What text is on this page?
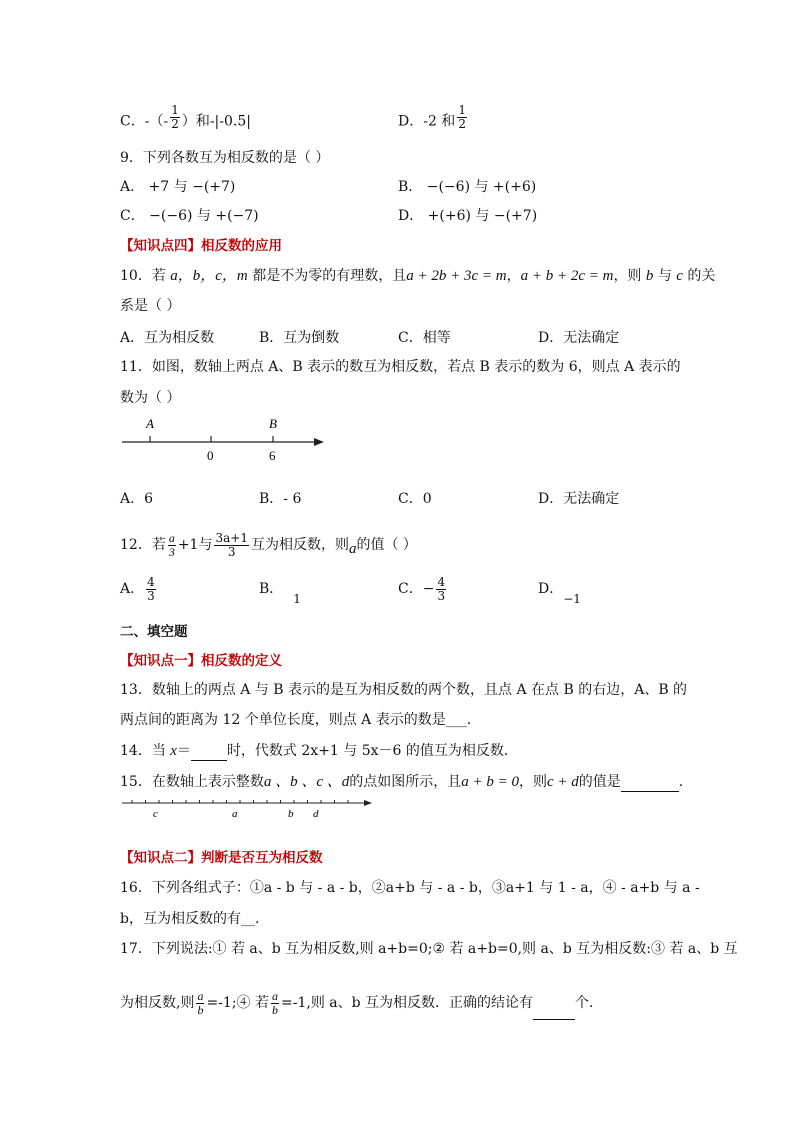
C．-（- $\frac{1}{2}$ ）和-|-0.5|	D．-2 和 $\frac{1}{2}$
9．下列各数互为相反数的是（ ）
A． +7 与 −(+7)	B． −(−6) 与 +(+6)
C． −(−6) 与 +(−7)	D． +(+6) 与 −(+7)
【知识点四】相反数的应用
10．若 a，b，c，m 都是不为零的有理数，且a + 2b + 3c = m，a + b + 2c = m，则 b 与 c 的关
系是（ ）
A．互为相反数	B．互为倒数	C．相等	D．无法确定
11．如图，数轴上两点 A、B 表示的数互为相反数，若点 B 表示的数为 6，则点 A 表示的
数为（ ）
A	B
0	6
A．6	B．- 6	C．0	D．无法确定
12．若 $\frac{a}{3} +1$与 $\frac{3a+1}{3}$ 互为相反数，则a的值（ ）
A． $\frac{4}{3}$	B．1
C．− $\frac{4}{3}$	D．−1
二、填空题
【知识点一】相反数的定义
13．数轴上的两点 A 与 B 表示的是互为相反数的两个数，且点 A 在点 B 的右边，A、B 的
两点间的距离为 12 个单位长度，则点 A 表示的数是___.
14．当 x＝	时，代数式 2x+1 与 5x－6 的值互为相反数．
15．在数轴上表示整数a 、b 、c 、d的点如图所示，且a + b = 0，则c + d的值是	.
c	a	b d
【知识点二】判断是否互为相反数
16．下列各组式子：①a - b 与 - a - b，②a+b 与 - a - b，③a+1 与 1 - a，④ - a+b 与 a -
b，互为相反数的有__.
17．下列说法:① 若 a、b 互为相反数,则 a+b=0;② 若 a+b=0,则 a、b 互为相反数:③ 若 a、b 互
为相反数,则 $\frac{a}{b}$ =-1;④ 若 $\frac{a}{b} =-1$,则 a、b 互为相反数．正确的结论有	个.
